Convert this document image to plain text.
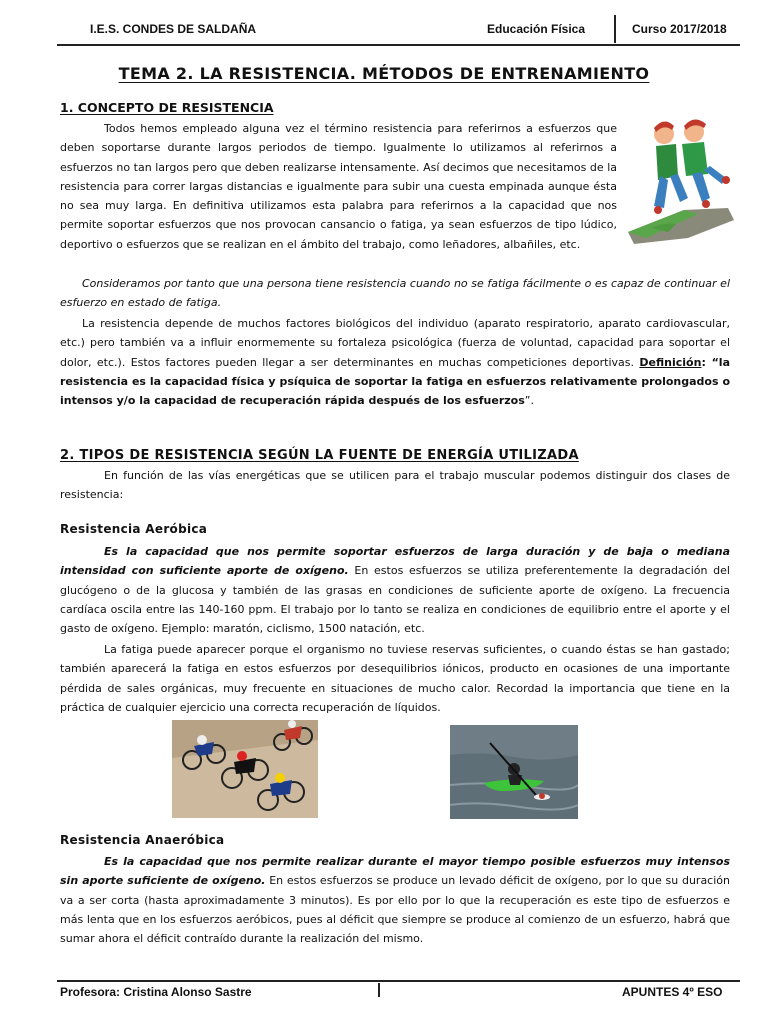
I.E.S. CONDES DE SALDAÑA	Educación Física	Curso 2017/2018
TEMA 2. LA RESISTENCIA. MÉTODOS DE ENTRENAMIENTO
1. CONCEPTO DE RESISTENCIA

Todos hemos empleado alguna vez el término resistencia para referirnos a esfuerzos que deben soportarse durante largos periodos de tiempo. Igualmente lo utilizamos al referirnos a esfuerzos no tan largos pero que deben realizarse intensamente. Así decimos que necesitamos de la resistencia para correr largas distancias e igualmente para subir una cuesta empinada aunque ésta no sea muy larga. En definitiva utilizamos esta palabra para referirnos a la capacidad que nos permite soportar esfuerzos que nos provocan cansancio o fatiga, ya sean esfuerzos de tipo lúdico, deportivo o esfuerzos que se realizan en el ámbito del trabajo, como leñadores, albañiles, etc.

Consideramos por tanto que una persona tiene resistencia cuando no se fatiga fácilmente o es capaz de continuar el esfuerzo en estado de fatiga.

La resistencia depende de muchos factores biológicos del individuo (aparato respiratorio, aparato cardiovascular, etc.) pero también va a influir enormemente su fortaleza psicológica (fuerza de voluntad, capacidad para soportar el dolor, etc.). Estos factores pueden llegar a ser determinantes en muchas competiciones deportivas. Definición: “la resistencia es la capacidad física y psíquica de soportar la fatiga en esfuerzos relativamente prolongados o intensos y/o la capacidad de recuperación rápida después de los esfuerzos”.

2. TIPOS DE RESISTENCIA SEGÚN LA FUENTE DE ENERGÍA UTILIZADA

En función de las vías energéticas que se utilicen para el trabajo muscular podemos distinguir dos clases de resistencia:

Resistencia Aeróbica

Es la capacidad que nos permite soportar esfuerzos de larga duración y de baja o mediana intensidad con suficiente aporte de oxígeno. En estos esfuerzos se utiliza preferentemente la degradación del glucógeno o de la glucosa y también de las grasas en condiciones de suficiente aporte de oxígeno. La frecuencia cardíaca oscila entre las 140-160 ppm. El trabajo por lo tanto se realiza en condiciones de equilibrio entre el aporte y el gasto de oxígeno. Ejemplo: maratón, ciclismo, 1500 natación, etc.

La fatiga puede aparecer porque el organismo no tuviese reservas suficientes, o cuando éstas se han gastado; también aparecerá la fatiga en estos esfuerzos por desequilibrios iónicos, producto en ocasiones de una importante pérdida de sales orgánicas, muy frecuente en situaciones de mucho calor. Recordad la importancia que tiene en la práctica de cualquier ejercicio una correcta recuperación de líquidos.

Resistencia Anaeróbica

Es la capacidad que nos permite realizar durante el mayor tiempo posible esfuerzos muy intensos sin aporte suficiente de oxígeno. En estos esfuerzos se produce un levado déficit de oxígeno, por lo que su duración va a ser corta (hasta aproximadamente 3 minutos). Es por ello por lo que la recuperación es este tipo de esfuerzos e más lenta que en los esfuerzos aeróbicos, pues al déficit que siempre se produce al comienzo de un esfuerzo, habrá que sumar ahora el déficit contraído durante la realización del mismo.

Profesora: Cristina Alonso Sastre	APUNTES 4º ESO
